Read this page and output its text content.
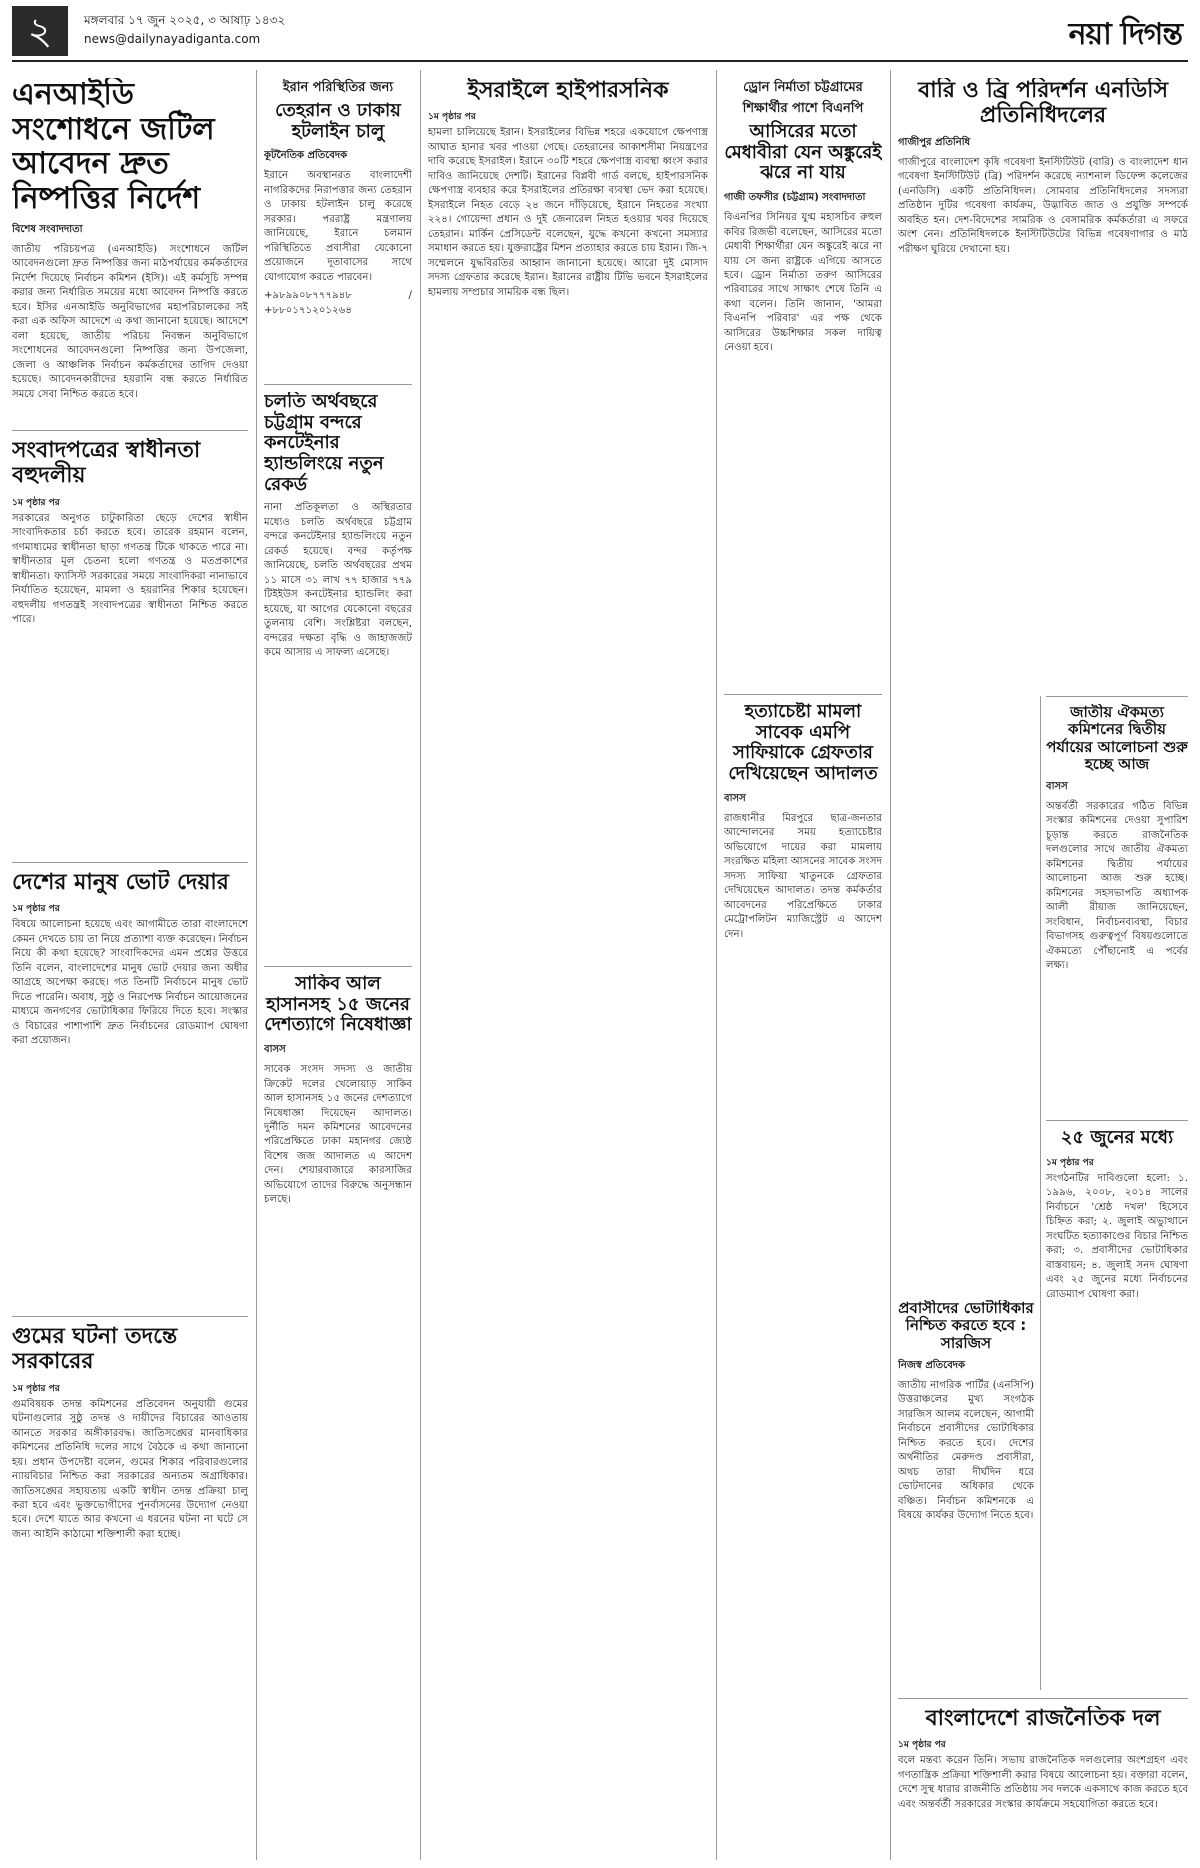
২	মঙ্গলবার ১৭ জুন ২০২৫, ৩ আষাঢ় ১৪৩২
news@dailynayadiganta.com	নয়া দিগন্ত
এনআইডি সংশোধনে জটিল আবেদন দ্রুত নিষ্পত্তির নির্দেশ
বিশেষ সংবাদদাতা

জাতীয় পরিচয়পত্র (এনআইডি) সংশোধনে জটিল আবেদনগুলো দ্রুত নিষ্পত্তির জন্য মাঠপর্যায়ের কর্মকর্তাদের নির্দেশ দিয়েছে নির্বাচন কমিশন (ইসি)। এই কর্মসূচি সম্পন্ন করার জন্য নির্ধারিত সময়ের মধ্যে আবেদন নিষ্পত্তি করতে হবে। ইসির এনআইডি অনুবিভাগের মহাপরিচালকের সই করা এক অফিস আদেশে এ কথা জানানো হয়েছে। আদেশে বলা হয়েছে, জাতীয় পরিচয় নিবন্ধন অনুবিভাগে সংশোধনের আবেদনগুলো নিষ্পত্তির জন্য উপজেলা, জেলা ও আঞ্চলিক নির্বাচন কর্মকর্তাদের তাগিদ দেওয়া হয়েছে। আবেদনকারীদের হয়রানি বন্ধ করতে নির্ধারিত সময়ে সেবা নিশ্চিত করতে হবে।

সংবাদপত্রের স্বাধীনতা বহুদলীয়
১ম পৃষ্ঠার পর

সরকারের অনুগত চাটুকারিতা ছেড়ে দেশের স্বাধীন সাংবাদিকতার চর্চা করতে হবে। তারেক রহমান বলেন, গণমাধ্যমের স্বাধীনতা ছাড়া গণতন্ত্র টিকে থাকতে পারে না। স্বাধীনতার মূল চেতনা হলো গণতন্ত্র ও মতপ্রকাশের স্বাধীনতা। ফ্যাসিস্ট সরকারের সময়ে সাংবাদিকরা নানাভাবে নির্যাতিত হয়েছেন, মামলা ও হয়রানির শিকার হয়েছেন। বহুদলীয় গণতন্ত্রই সংবাদপত্রের স্বাধীনতা নিশ্চিত করতে পারে।

দেশের মানুষ ভোট দেয়ার
১ম পৃষ্ঠার পর

বিষয়ে আলোচনা হয়েছে এবং আগামীতে তারা বাংলাদেশে কেমন দেখতে চায় তা নিয়ে প্রত্যাশা ব্যক্ত করেছেন। নির্বাচন নিয়ে কী কথা হয়েছে? সাংবাদিকদের এমন প্রশ্নের উত্তরে তিনি বলেন, বাংলাদেশের মানুষ ভোট দেয়ার জন্য অধীর আগ্রহে অপেক্ষা করছে। গত তিনটি নির্বাচনে মানুষ ভোট দিতে পারেনি। অবাধ, সুষ্ঠু ও নিরপেক্ষ নির্বাচন আয়োজনের মাধ্যমে জনগণের ভোটাধিকার ফিরিয়ে দিতে হবে। সংস্কার ও বিচারের পাশাপাশি দ্রুত নির্বাচনের রোডম্যাপ ঘোষণা করা প্রয়োজন।

গুমের ঘটনা তদন্তে সরকারের
১ম পৃষ্ঠার পর

গুমবিষয়ক তদন্ত কমিশনের প্রতিবেদন অনুযায়ী গুমের ঘটনাগুলোর সুষ্ঠু তদন্ত ও দায়ীদের বিচারের আওতায় আনতে সরকার অঙ্গীকারবদ্ধ। জাতিসঙ্ঘের মানবাধিকার কমিশনের প্রতিনিধি দলের সাথে বৈঠকে এ কথা জানানো হয়। প্রধান উপদেষ্টা বলেন, গুমের শিকার পরিবারগুলোর ন্যায়বিচার নিশ্চিত করা সরকারের অন্যতম অগ্রাধিকার। জাতিসঙ্ঘের সহায়তায় একটি স্বাধীন তদন্ত প্রক্রিয়া চালু করা হবে এবং ভুক্তভোগীদের পুনর্বাসনের উদ্যোগ নেওয়া হবে। দেশে যাতে আর কখনো এ ধরনের ঘটনা না ঘটে সে জন্য আইনি কাঠামো শক্তিশালী করা হচ্ছে।

ইরান পরিস্থিতির জন্য
তেহরান ও ঢাকায় হটলাইন চালু
কূটনৈতিক প্রতিবেদক

ইরানে অবস্থানরত বাংলাদেশী নাগরিকদের নিরাপত্তার জন্য তেহরান ও ঢাকায় হটলাইন চালু করেছে সরকার। পররাষ্ট্র মন্ত্রণালয় জানিয়েছে, ইরানে চলমান পরিস্থিতিতে প্রবাসীরা যেকোনো প্রয়োজনে দূতাবাসের সাথে যোগাযোগ করতে পারবেন।

+৯৮৯৯০৮৭৭৭৯৪৮ / +৮৮০১৭১২০১২৬৪

চলতি অর্থবছরে চট্টগ্রাম বন্দরে কনটেইনার হ্যান্ডলিংয়ে নতুন রেকর্ড

নানা প্রতিকূলতা ও অস্থিরতার মধ্যেও চলতি অর্থবছরে চট্টগ্রাম বন্দরে কনটেইনার হ্যান্ডলিংয়ে নতুন রেকর্ড হয়েছে। বন্দর কর্তৃপক্ষ জানিয়েছে, চলতি অর্থবছরের প্রথম ১১ মাসে ৩১ লাখ ৭৭ হাজার ৭৭৯ টিইইউস কনটেইনার হ্যান্ডলিং করা হয়েছে, যা আগের যেকোনো বছরের তুলনায় বেশি। সংশ্লিষ্টরা বলছেন, বন্দরের দক্ষতা বৃদ্ধি ও জাহাজজট কমে আসায় এ সাফল্য এসেছে।

সাকিব আল হাসানসহ ১৫ জনের দেশত্যাগে নিষেধাজ্ঞা
বাসস

সাবেক সংসদ সদস্য ও জাতীয় ক্রিকেট দলের খেলোয়াড় সাকিব আল হাসানসহ ১৫ জনের দেশত্যাগে নিষেধাজ্ঞা দিয়েছেন আদালত। দুর্নীতি দমন কমিশনের আবেদনের পরিপ্রেক্ষিতে ঢাকা মহানগর জ্যেষ্ঠ বিশেষ জজ আদালত এ আদেশ দেন। শেয়ারবাজারে কারসাজির অভিযোগে তাদের বিরুদ্ধে অনুসন্ধান চলছে।

ইসরাইলে হাইপারসনিক
১ম পৃষ্ঠার পর

হামলা চালিয়েছে ইরান। ইসরাইলের বিভিন্ন শহরে একযোগে ক্ষেপণাস্ত্র আঘাত হানার খবর পাওয়া গেছে। তেহরানের আকাশসীমা নিয়ন্ত্রণের দাবি করেছে ইসরাইল। ইরানে ৩০টি শহরে ক্ষেপণাস্ত্র ব্যবস্থা ধ্বংস করার দাবিও জানিয়েছে দেশটি। ইরানের বিপ্লবী গার্ড বলছে, হাইপারসনিক ক্ষেপণাস্ত্র ব্যবহার করে ইসরাইলের প্রতিরক্ষা ব্যবস্থা ভেদ করা হয়েছে। ইসরাইলে নিহত বেড়ে ২৪ জনে দাঁড়িয়েছে, ইরানে নিহতের সংখ্যা ২২৪। গোয়েন্দা প্রধান ও দুই জেনারেল নিহত হওয়ার খবর দিয়েছে তেহরান। মার্কিন প্রেসিডেন্ট বলেছেন, যুদ্ধে কখনো কখনো সমস্যার সমাধান করতে হয়। যুক্তরাষ্ট্রের মিশন প্রত্যাহার করতে চায় ইরান। জি-৭ সম্মেলনে যুদ্ধবিরতির আহ্বান জানানো হয়েছে। আরো দুই মোসাদ সদস্য গ্রেফতার করেছে ইরান। ইরানের রাষ্ট্রীয় টিভি ভবনে ইসরাইলের হামলায় সম্প্রচার সাময়িক বন্ধ ছিল।

ড্রোন নির্মাতা চট্টগ্রামের শিক্ষার্থীর পাশে বিএনপি
আসিরের মতো মেধাবীরা যেন অঙ্কুরেই ঝরে না যায়
গাজী তফসীর (চট্টগ্রাম) সংবাদদাতা

বিএনপির সিনিয়র যুগ্ম মহাসচিব রুহুল কবির রিজভী বলেছেন, আসিরের মতো মেধাবী শিক্ষার্থীরা যেন অঙ্কুরেই ঝরে না যায় সে জন্য রাষ্ট্রকে এগিয়ে আসতে হবে। ড্রোন নির্মাতা তরুণ আসিরের পরিবারের সাথে সাক্ষাৎ শেষে তিনি এ কথা বলেন। তিনি জানান, 'আমরা বিএনপি পরিবার' এর পক্ষ থেকে আসিরের উচ্চশিক্ষার সকল দায়িত্ব নেওয়া হবে।

হত্যাচেষ্টা মামলা সাবেক এমপি সাফিয়াকে গ্রেফতার দেখিয়েছেন আদালত
বাসস

রাজধানীর মিরপুরে ছাত্র-জনতার আন্দোলনের সময় হত্যাচেষ্টার অভিযোগে দায়ের করা মামলায় সংরক্ষিত মহিলা আসনের সাবেক সংসদ সদস্য সাফিয়া খাতুনকে গ্রেফতার দেখিয়েছেন আদালত। তদন্ত কর্মকর্তার আবেদনের পরিপ্রেক্ষিতে ঢাকার মেট্রোপলিটন ম্যাজিস্ট্রেট এ আদেশ দেন।

বারি ও ব্রি পরিদর্শন এনডিসি প্রতিনিধিদলের
গাজীপুর প্রতিনিধি

গাজীপুরে বাংলাদেশ কৃষি গবেষণা ইনস্টিটিউট (বারি) ও বাংলাদেশ ধান গবেষণা ইনস্টিটিউট (ব্রি) পরিদর্শন করেছে ন্যাশনাল ডিফেন্স কলেজের (এনডিসি) একটি প্রতিনিধিদল। সোমবার প্রতিনিধিদলের সদস্যরা প্রতিষ্ঠান দুটির গবেষণা কার্যক্রম, উদ্ভাবিত জাত ও প্রযুক্তি সম্পর্কে অবহিত হন। দেশ-বিদেশের সামরিক ও বেসামরিক কর্মকর্তারা এ সফরে অংশ নেন। প্রতিনিধিদলকে ইনস্টিটিউটের বিভিন্ন গবেষণাগার ও মাঠ পরীক্ষণ ঘুরিয়ে দেখানো হয়।

জাতীয় ঐকমত্য কমিশনের দ্বিতীয় পর্যায়ের আলোচনা শুরু হচ্ছে আজ
বাসস

অন্তর্বর্তী সরকারের গঠিত বিভিন্ন সংস্কার কমিশনের দেওয়া সুপারিশ চূড়ান্ত করতে রাজনৈতিক দলগুলোর সাথে জাতীয় ঐকমত্য কমিশনের দ্বিতীয় পর্যায়ের আলোচনা আজ শুরু হচ্ছে। কমিশনের সহসভাপতি অধ্যাপক আলী রীয়াজ জানিয়েছেন, সংবিধান, নির্বাচনব্যবস্থা, বিচার বিভাগসহ গুরুত্বপূর্ণ বিষয়গুলোতে ঐকমত্যে পৌঁছানোই এ পর্বের লক্ষ্য।

২৫ জুনের মধ্যে
১ম পৃষ্ঠার পর

সংগঠনটির দাবিগুলো হলো: ১. ১৯৯৬, ২০০৮, ২০১৪ সালের নির্বাচনে 'শ্রেষ্ঠ দখল' হিসেবে চিহ্নিত করা; ২. জুলাই অভ্যুত্থানে সংঘটিত হত্যাকাণ্ডের বিচার নিশ্চিত করা; ৩. প্রবাসীদের ভোটাধিকার বাস্তবায়ন; ৪. জুলাই সনদ ঘোষণা এবং ২৫ জুনের মধ্যে নির্বাচনের রোডম্যাপ ঘোষণা করা।

প্রবাসীদের ভোটাধিকার নিশ্চিত করতে হবে : সারজিস
নিজস্ব প্রতিবেদক

জাতীয় নাগরিক পার্টির (এনসিপি) উত্তরাঞ্চলের মুখ্য সংগঠক সারজিস আলম বলেছেন, আগামী নির্বাচনে প্রবাসীদের ভোটাধিকার নিশ্চিত করতে হবে। দেশের অর্থনীতির মেরুদণ্ড প্রবাসীরা, অথচ তারা দীর্ঘদিন ধরে ভোটদানের অধিকার থেকে বঞ্চিত। নির্বাচন কমিশনকে এ বিষয়ে কার্যকর উদ্যোগ নিতে হবে।

বাংলাদেশে রাজনৈতিক দল
১ম পৃষ্ঠার পর

বলে মন্তব্য করেন তিনি। সভায় রাজনৈতিক দলগুলোর অংশগ্রহণ এবং গণতান্ত্রিক প্রক্রিয়া শক্তিশালী করার বিষয়ে আলোচনা হয়। বক্তারা বলেন, দেশে সুস্থ ধারার রাজনীতি প্রতিষ্ঠায় সব দলকে একসাথে কাজ করতে হবে এবং অন্তর্বর্তী সরকারের সংস্কার কার্যক্রমে সহযোগিতা করতে হবে।
